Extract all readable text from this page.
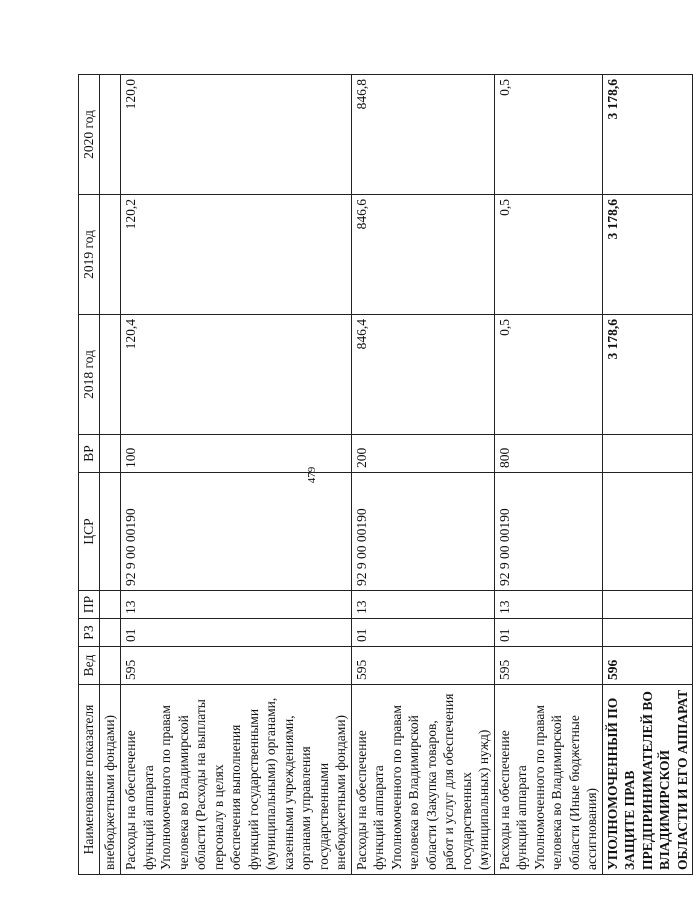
479
Наименование показателя	Вед	РЗ	ПР	ЦСР	ВР	2018 год	2019 год	2020 год
внебюджетными фондами)								
Расходы на обеспечение функций аппарата Уполномоченного по правам человека во Владимирской области (Расходы на выплаты персоналу в целях обеспечения выполнения функций государственными (муниципальными) органами, казенными учреждениями, органами управления государственными внебюджетными фондами)	595	01	13	92 9 00 00190	100	120,4	120,2	120,0
Расходы на обеспечение функций аппарата Уполномоченного по правам человека во Владимирской области (Закупка товаров, работ и услуг для обеспечения государственных (муниципальных) нужд)	595	01	13	92 9 00 00190	200	846,4	846,6	846,8
Расходы на обеспечение функций аппарата Уполномоченного по правам человека во Владимирской области (Иные бюджетные ассигнования)	595	01	13	92 9 00 00190	800	0,5	0,5	0,5
УПОЛНОМОЧЕННЫЙ ПО ЗАЩИТЕ ПРАВ ПРЕДПРИНИМАТЕЛЕЙ ВО ВЛАДИМИРСКОЙ ОБЛАСТИ И ЕГО АППАРАТ	596					3 178,6	3 178,6	3 178,6
